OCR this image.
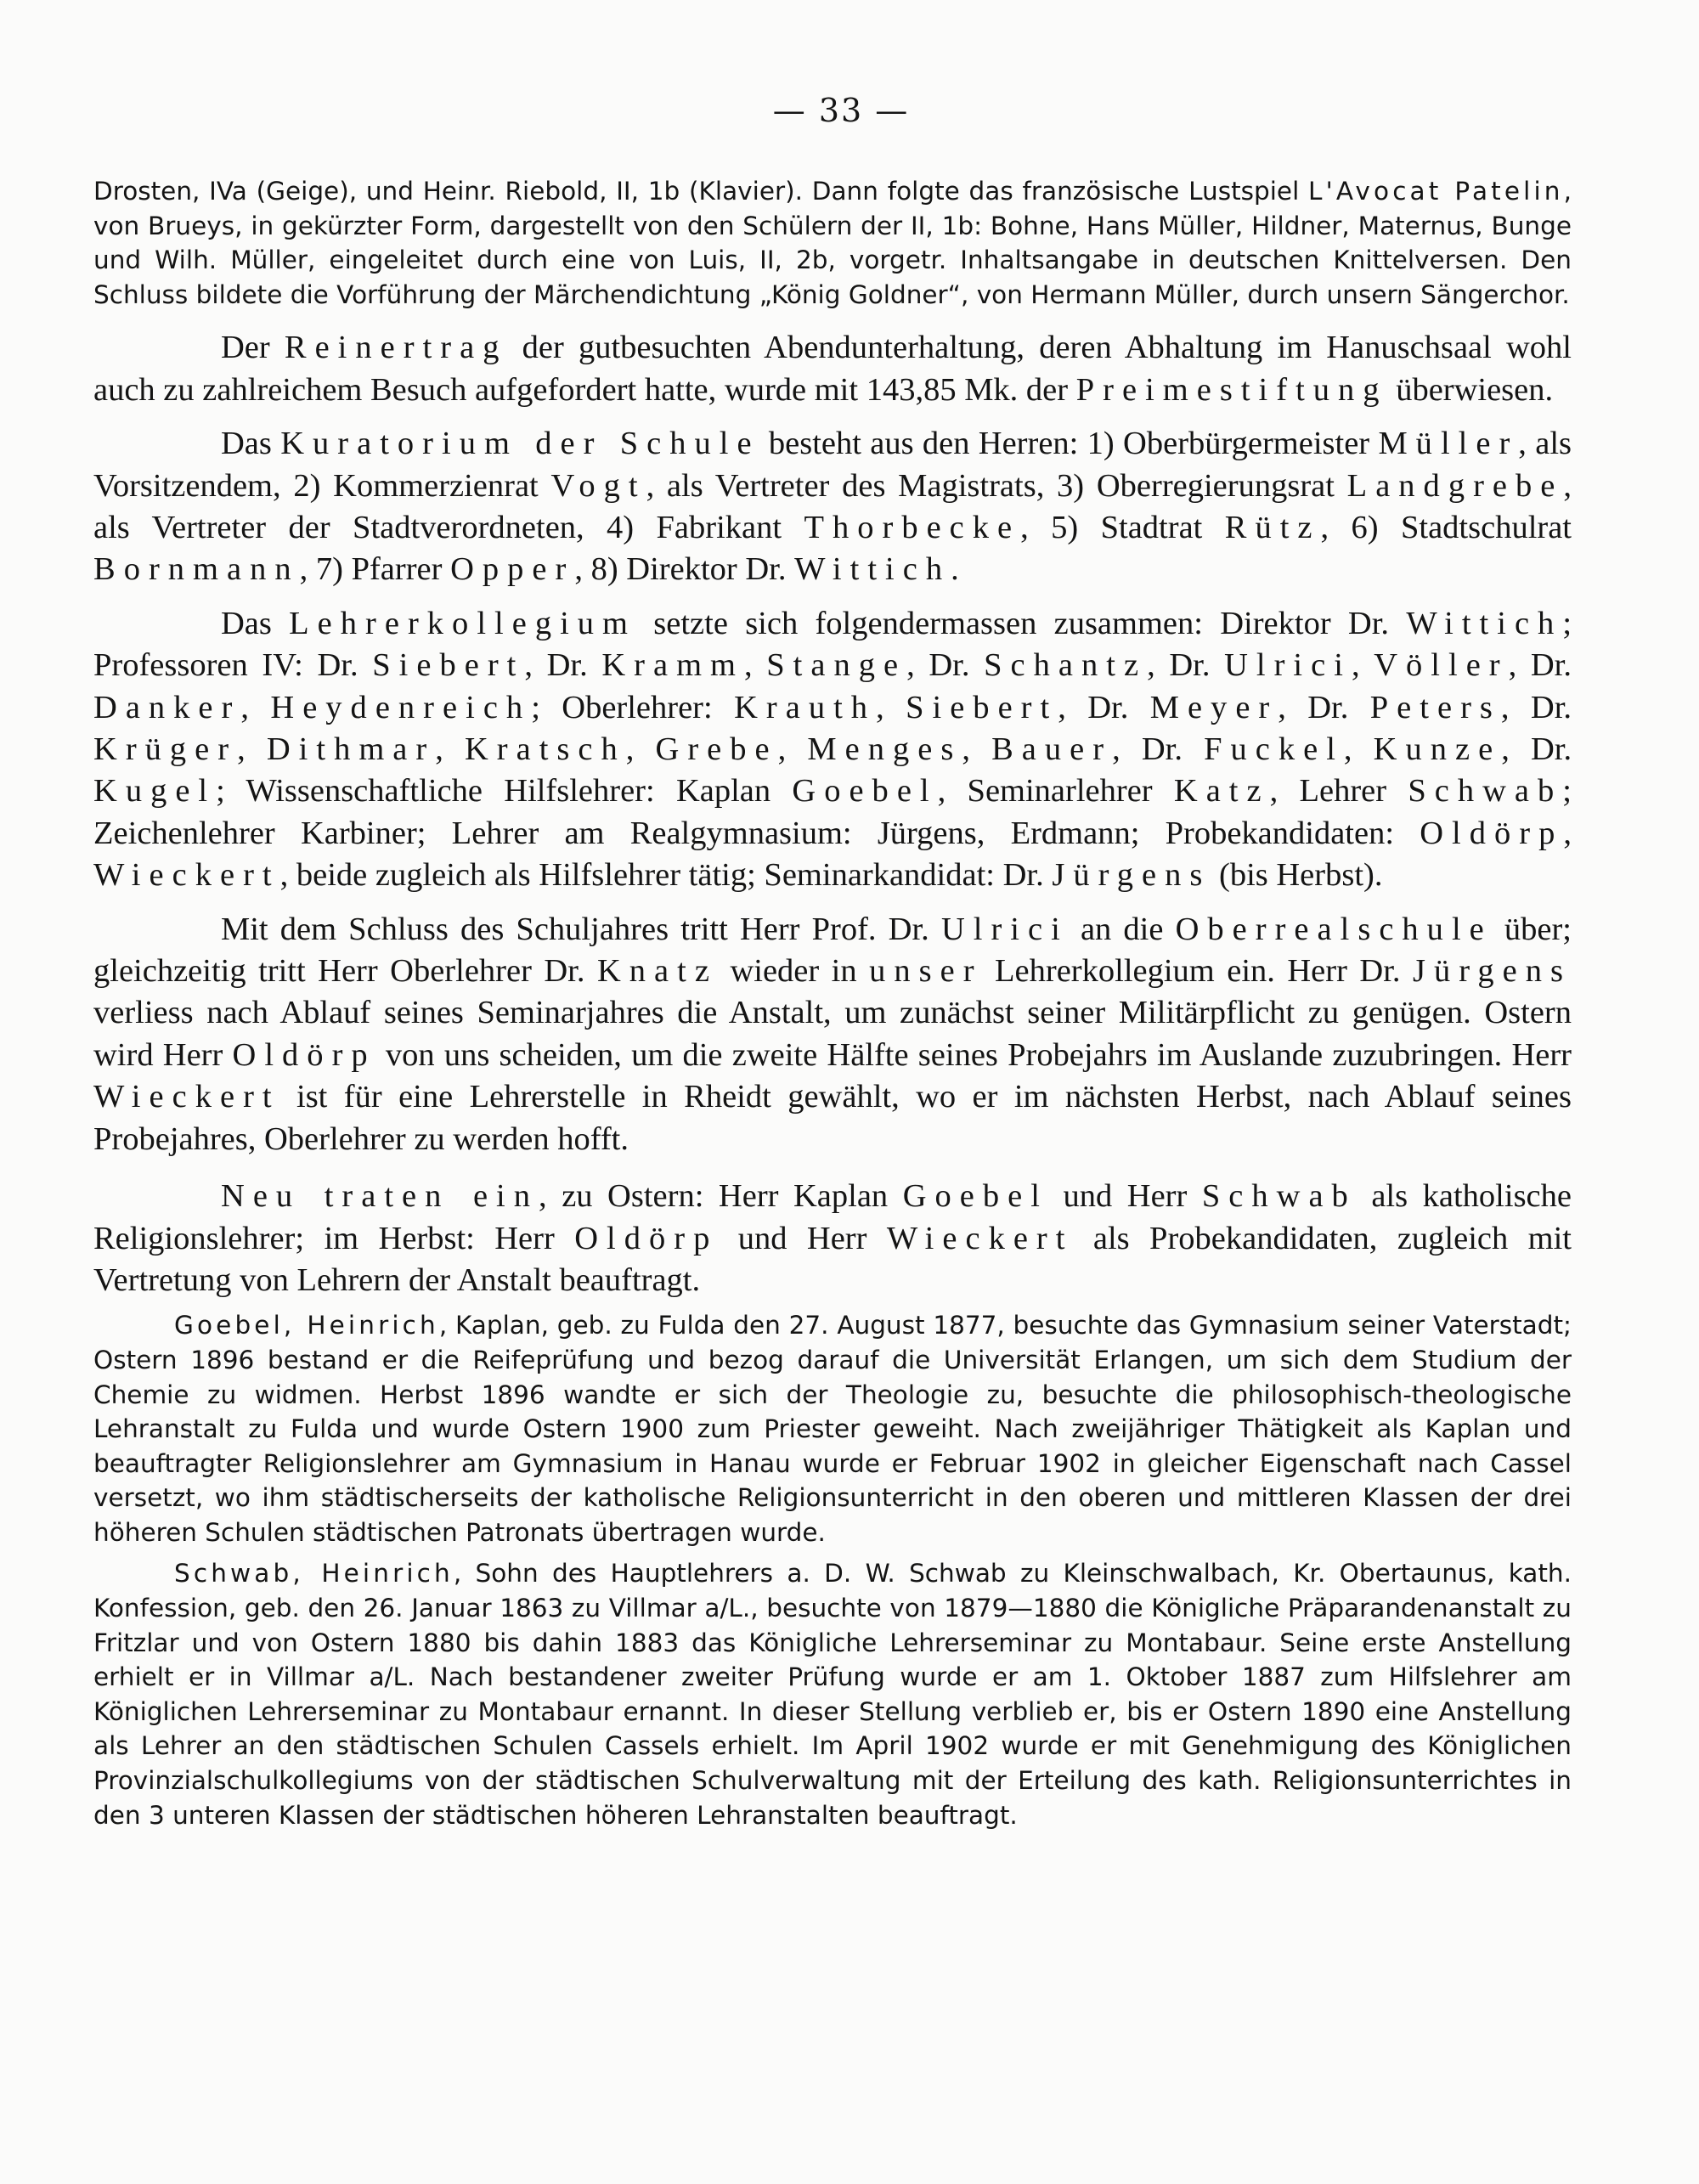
— 33 —

Drosten, IVa (Geige), und Heinr. Riebold, II, 1b (Klavier). Dann folgte das französische Lustspiel L'Avocat Patelin, von Brueys, in gekürzter Form, dargestellt von den Schülern der II, 1b: Bohne, Hans Müller, Hildner, Maternus, Bunge und Wilh. Müller, eingeleitet durch eine von Luis, II, 2b, vorgetr. Inhaltsangabe in deutschen Knittelversen. Den Schluss bildete die Vorführung der Märchendichtung „König Goldner“, von Hermann Müller, durch unsern Sängerchor.

Der Reinertrag der gutbesuchten Abendunterhaltung, deren Abhaltung im Hanuschsaal wohl auch zu zahlreichem Besuch aufgefordert hatte, wurde mit 143,85 Mk. der Preimestiftung überwiesen.

Das Kuratorium der Schule besteht aus den Herren: 1) Oberbürgermeister Müller, als Vorsitzendem, 2) Kommerzienrat Vogt, als Vertreter des Magistrats, 3) Oberregierungsrat Landgrebe, als Vertreter der Stadtverordneten, 4) Fabrikant Thorbecke, 5) Stadtrat Rütz, 6) Stadtschulrat Bornmann, 7) Pfarrer Opper, 8) Direktor Dr. Wittich.

Das Lehrerkollegium setzte sich folgendermassen zusammen: Direktor Dr. Wittich; Professoren IV: Dr. Siebert, Dr. Kramm, Stange, Dr. Schantz, Dr. Ulrici, Völler, Dr. Danker, Heydenreich; Oberlehrer: Krauth, Siebert, Dr. Meyer, Dr. Peters, Dr. Krüger, Dithmar, Kratsch, Grebe, Menges, Bauer, Dr. Fuckel, Kunze, Dr. Kugel; Wissenschaftliche Hilfslehrer: Kaplan Goebel, Seminarlehrer Katz, Lehrer Schwab; Zeichenlehrer Karbiner; Lehrer am Realgymnasium: Jürgens, Erdmann; Probekandidaten: Oldörp, Wieckert, beide zugleich als Hilfslehrer tätig; Seminarkandidat: Dr. Jürgens (bis Herbst).

Mit dem Schluss des Schuljahres tritt Herr Prof. Dr. Ulrici an die Oberrealschule über; gleichzeitig tritt Herr Oberlehrer Dr. Knatz wieder in unser Lehrerkollegium ein. Herr Dr. Jürgens verliess nach Ablauf seines Seminarjahres die Anstalt, um zunächst seiner Militärpflicht zu genügen. Ostern wird Herr Oldörp von uns scheiden, um die zweite Hälfte seines Probejahrs im Auslande zuzubringen. Herr Wieckert ist für eine Lehrerstelle in Rheidt gewählt, wo er im nächsten Herbst, nach Ablauf seines Probejahres, Oberlehrer zu werden hofft.

Neu traten ein, zu Ostern: Herr Kaplan Goebel und Herr Schwab als katholische Religionslehrer; im Herbst: Herr Oldörp und Herr Wieckert als Probekandidaten, zugleich mit Vertretung von Lehrern der Anstalt beauftragt.

Goebel, Heinrich, Kaplan, geb. zu Fulda den 27. August 1877, besuchte das Gymnasium seiner Vaterstadt; Ostern 1896 bestand er die Reifeprüfung und bezog darauf die Universität Erlangen, um sich dem Studium der Chemie zu widmen. Herbst 1896 wandte er sich der Theologie zu, besuchte die philosophisch-theologische Lehranstalt zu Fulda und wurde Ostern 1900 zum Priester geweiht. Nach zweijähriger Thätigkeit als Kaplan und beauftragter Religionslehrer am Gymnasium in Hanau wurde er Februar 1902 in gleicher Eigenschaft nach Cassel versetzt, wo ihm städtischerseits der katholische Religionsunterricht in den oberen und mittleren Klassen der drei höheren Schulen städtischen Patronats übertragen wurde.

Schwab, Heinrich, Sohn des Hauptlehrers a. D. W. Schwab zu Kleinschwalbach, Kr. Obertaunus, kath. Konfession, geb. den 26. Januar 1863 zu Villmar a/L., besuchte von 1879—1880 die Königliche Präparandenanstalt zu Fritzlar und von Ostern 1880 bis dahin 1883 das Königliche Lehrerseminar zu Montabaur. Seine erste Anstellung erhielt er in Villmar a/L. Nach bestandener zweiter Prüfung wurde er am 1. Oktober 1887 zum Hilfslehrer am Königlichen Lehrerseminar zu Montabaur ernannt. In dieser Stellung verblieb er, bis er Ostern 1890 eine Anstellung als Lehrer an den städtischen Schulen Cassels erhielt. Im April 1902 wurde er mit Genehmigung des Königlichen Provinzialschulkollegiums von der städtischen Schulverwaltung mit der Erteilung des kath. Religionsunterrichtes in den 3 unteren Klassen der städtischen höheren Lehranstalten beauftragt.
